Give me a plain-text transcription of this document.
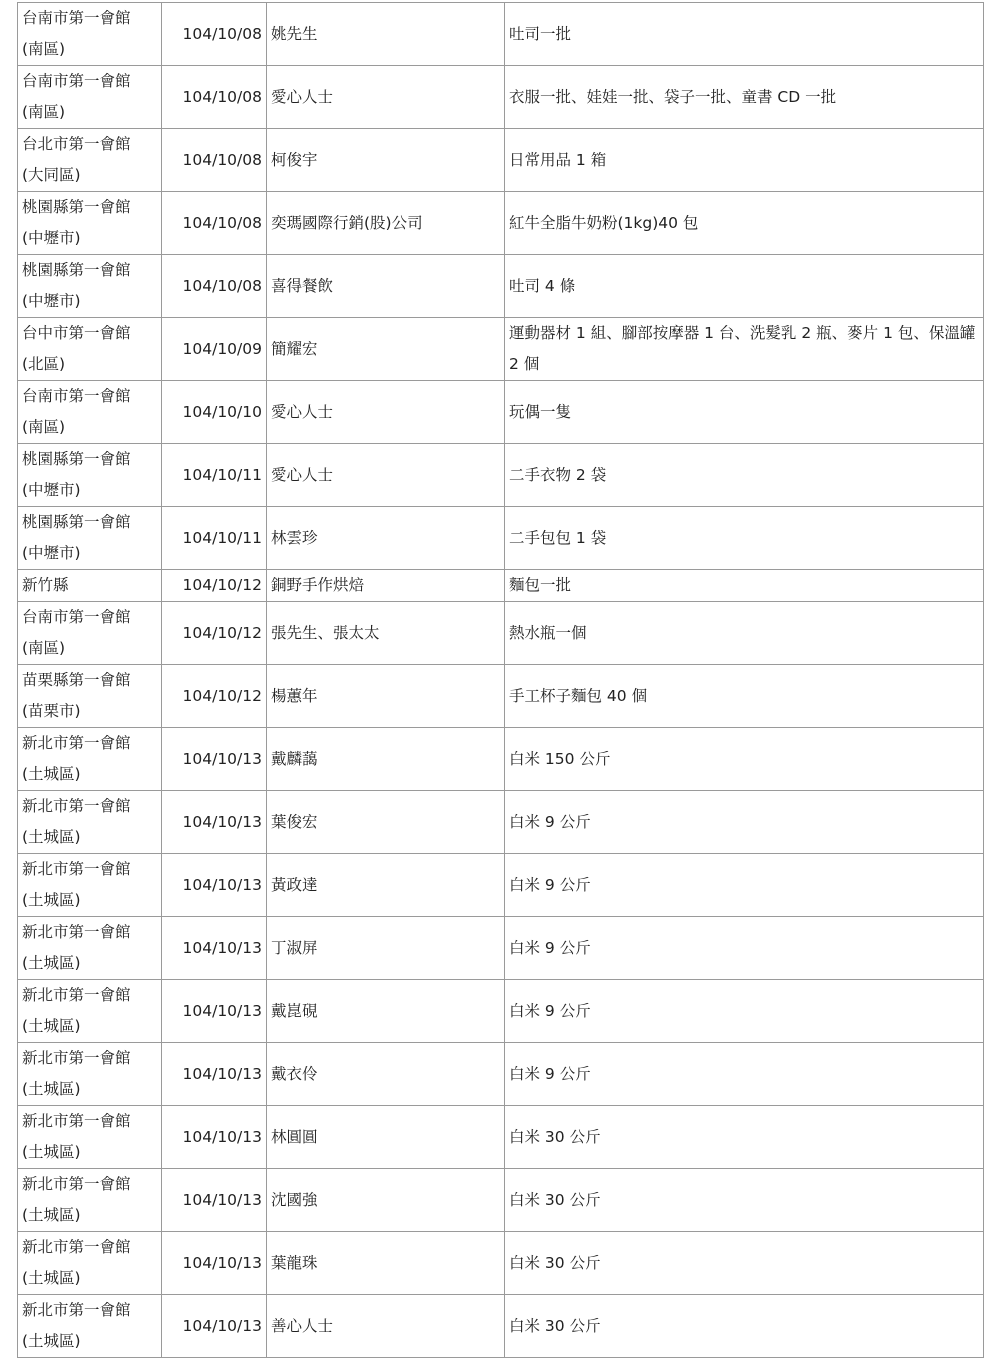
台南市第一會館
(南區)	104/10/08	姚先生	吐司一批

台南市第一會館
(南區)	104/10/08	愛心人士	衣服一批、娃娃一批、袋子一批、童書 CD 一批

台北市第一會館
(大同區)	104/10/08	柯俊宇	日常用品 1 箱

桃園縣第一會館
(中壢市)	104/10/08	奕瑪國際行銷(股)公司	紅牛全脂牛奶粉(1kg)40 包

桃園縣第一會館
(中壢市)	104/10/08	喜得餐飲	吐司 4 條

台中市第一會館
(北區)	104/10/09	簡耀宏	運動器材 1 組、腳部按摩器 1 台、洗髮乳 2 瓶、麥片 1 包、保溫罐 2 個

台南市第一會館
(南區)	104/10/10	愛心人士	玩偶一隻

桃園縣第一會館
(中壢市)	104/10/11	愛心人士	二手衣物 2 袋

桃園縣第一會館
(中壢市)	104/10/11	林雲珍	二手包包 1 袋

新竹縣	104/10/12	銅野手作烘焙	麵包一批

台南市第一會館
(南區)	104/10/12	張先生、張太太	熱水瓶一個

苗栗縣第一會館
(苗栗市)	104/10/12	楊蕙年	手工杯子麵包 40 個

新北市第一會館
(土城區)	104/10/13	戴麟藹	白米 150 公斤

新北市第一會館
(土城區)	104/10/13	葉俊宏	白米 9 公斤

新北市第一會館
(土城區)	104/10/13	黃政達	白米 9 公斤

新北市第一會館
(土城區)	104/10/13	丁淑屏	白米 9 公斤

新北市第一會館
(土城區)	104/10/13	戴崑硯	白米 9 公斤

新北市第一會館
(土城區)	104/10/13	戴衣伶	白米 9 公斤

新北市第一會館
(土城區)	104/10/13	林圓圓	白米 30 公斤

新北市第一會館
(土城區)	104/10/13	沈國強	白米 30 公斤

新北市第一會館
(土城區)	104/10/13	葉龍珠	白米 30 公斤

新北市第一會館
(土城區)	104/10/13	善心人士	白米 30 公斤
